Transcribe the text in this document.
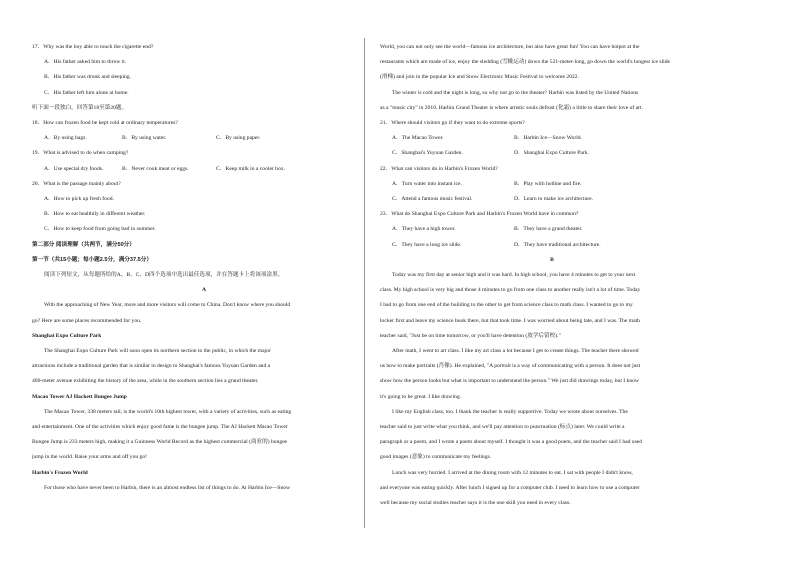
17．Why was the boy able to touch the cigarette end?
A．His father asked him to throw it.
B．His father was drunk and sleeping.
C．His father left him alone at home.
听下面一段独白，回答第18至第20题。
18．How can frozen food be kept cold at ordinary temperatures?
A．By using bags.	B．By using water.	C．By using paper.
19．What is advised to do when camping?
A．Use special dry foods.	B．Never cook meat or eggs.	C．Keep milk in a cooler box.
20．What is the passage mainly about?
A．How to pick up fresh food.
B．How to eat healthily in different weather.
C．How to keep food from going bad in summer.
第二部分 阅读理解（共两节，满分50分）
第一节（共15小题；每小题2.5分，满分37.5分）
阅读下列短文，从每题所给的A、B、C、D四个选项中选出最佳选项，并在答题卡上将该项涂黑。
A
With the approaching of New Year, more and more visitors will come to China. Don't know where you should
go? Here are some places recommended for you.
Shanghai Expo Culture Park
The Shanghai Expo Culture Park will soon open its northern section to the public, in which the major
attractions include a traditional garden that is similar in design to Shanghai's famous Yuyuan Garden and a
400-meter avenue exhibiting the history of the area, while in the southern section lies a grand theater.
Macao Tower AJ Hackett Bungee Jump
The Macao Tower, 338 meters tall, is the world's 10th highest tower, with a variety of activities, such as eating
and entertainment. One of the activities which enjoy good fame is the bungee jump. The AJ Hackett Macao Tower
Bungee Jump is 233 meters high, making it a Guinness World Record as the highest commercial (商业的) bungee
jump in the world. Raise your arms and off you go!
Harbin's Frozen World
For those who have never been to Harbin, there is an almost endless list of things to do. At Harbin Ice—Snow
World, you can not only see the world—famous ice architecture, but also have great fun! You can have hotpot at the
restaurants which are made of ice, enjoy the sledding (雪橇运动) down the 521-meter-long, go down the world's longest ice slide
(滑梯) and join in the popular Ice and Snow Electronic Music Festival to welcome 2022.
The winter is cold and the night is long, so why not go to the theater? Harbin was listed by the United Nations
as a "music city" in 2010. Harbin Grand Theater is where artistic souls defrost (化霜) a little to share their love of art.
21．Where should visitors go if they want to do extreme sports?
A．The Macao Tower.	B．Harbin Ice—Snow World.
C．Shanghai's Yuyuan Garden.	D．Shanghai Expo Culture Park.
22．What can visitors do in Harbin's Frozen World?
A．Turn water into instant ice.	B．Play with hotline and fire.
C．Attend a famous music festival.	D．Learn to make ice architecture.
23．What do Shanghai Expo Culture Park and Harbin's Frozen World have in common?
A．They have a high tower.	B．They have a grand theater.
C．They have a long ice slide.	D．They have traditional architecture.
B
Today was my first day at senior high and it was hard. In high school, you have 4 minutes to get to your next
class. My high school is very big and those 4 minutes to go from one class to another really isn't a lot of time. Today
I had to go from one end of the building to the other to get from science class to math class. I wanted to go to my
locker first and leave my science book there, but that took time. I was worried about being late, and I was. The math
teacher said, "Just be on time tomorrow, or you'll have detention (放学后留校)."
After math, I went to art class. I like my art class a lot because I get to create things. The teacher there showed
us how to make portraits (肖像). He explained, "A portrait is a way of communicating with a person. It does not just
show how the person looks but what is important to understand the person." We just did drawings today, but I know
it's going to be great. I like drawing.
I like my English class, too. I thank the teacher is really supportive. Today we wrote about ourselves. The
teacher said to just write what you think, and we'll pay attention to punctuation (标点) later. We could write a
paragraph or a poem, and I wrote a poem about myself. I thought it was a good poem, and the teacher said I had used
good images (意象) to communicate my feelings.
Lunch was very hurried. I arrived at the dining room with 12 minutes to eat. I sat with people I didn't know,
and everyone was eating quickly. After lunch I signed up for a computer club. I need to learn how to use a computer
well because my social studies teacher says it is the one skill you need in every class.
